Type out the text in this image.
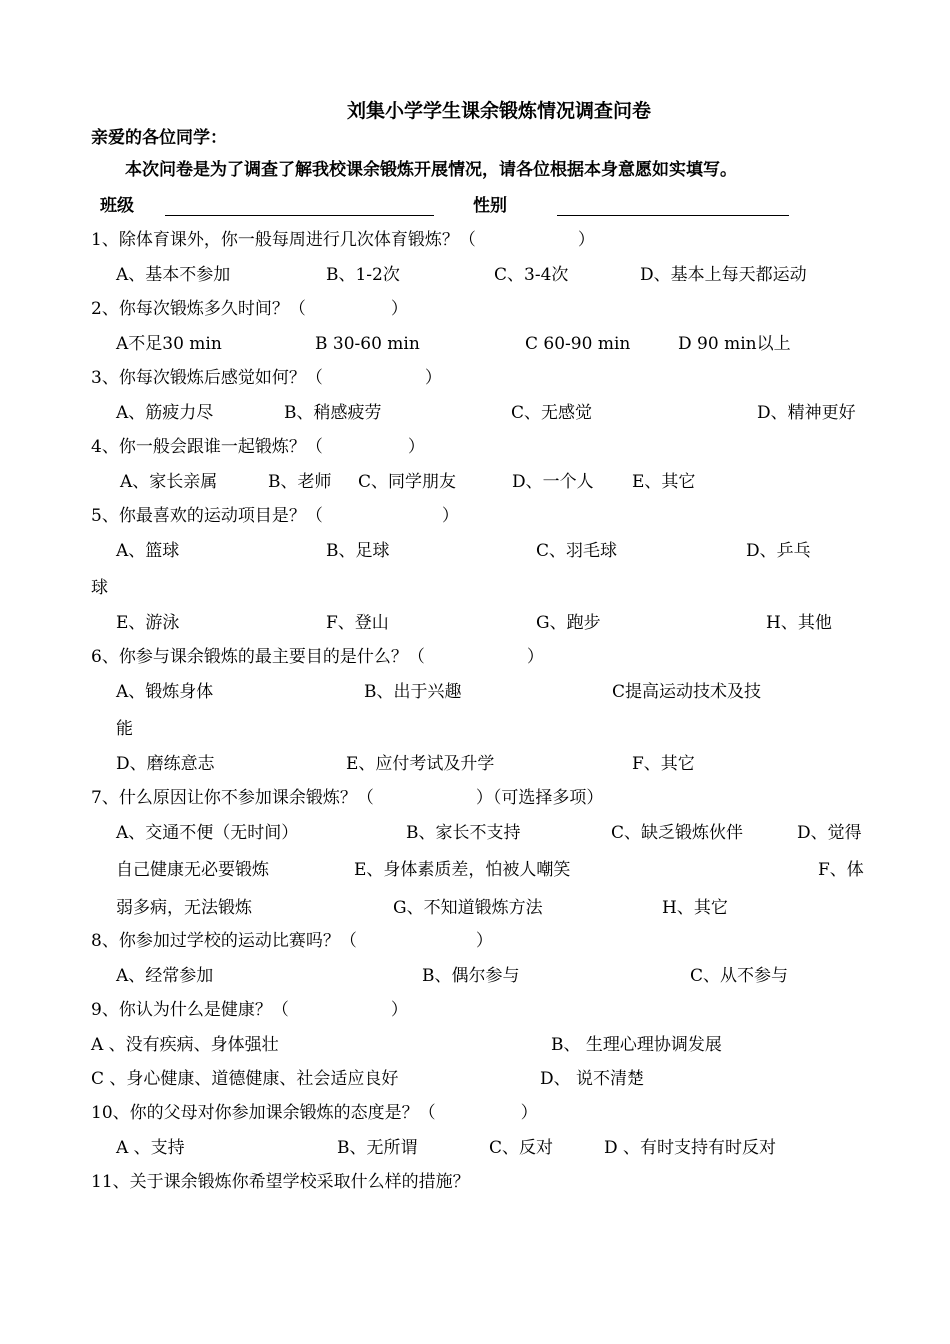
刘集小学学生课余锻炼情况调查问卷
亲爱的各位同学：
本次问卷是为了调查了解我校课余锻炼开展情况，请各位根据本身意愿如实填写。
班级	性别
1、除体育课外，你一般每周进行几次体育锻炼？（　　　　　　）
A、基本不参加	B、1-2次	C、3-4次	D、基本上每天都运动
2、你每次锻炼多久时间？（　　　　　）
A不足30 min	B 30-60 min	C 60-90 min	D 90 min以上
3、你每次锻炼后感觉如何？（　　　　　　）
A、筋疲力尽	B、稍感疲劳	C、无感觉	D、精神更好
4、你一般会跟谁一起锻炼？（　　　　　）
A、家长亲属	B、老师 C、同学朋友	D、一个人 E、其它
5、你最喜欢的运动项目是？（　　　　　　　）
A、篮球	B、足球	C、羽毛球	D、乒乓
球
E、游泳	F、登山	G、跑步	H、其他
6、你参与课余锻炼的最主要目的是什么？（　　　　　　）
A、锻炼身体	B、出于兴趣	C提高运动技术及技
能
D、磨练意志	E、应付考试及升学	F、其它
7、什么原因让你不参加课余锻炼？（　　　　　　）（可选择多项）
A、交通不便（无时间）	B、家长不支持	C、缺乏锻炼伙伴	D、觉得
自己健康无必要锻炼	E、身体素质差，怕被人嘲笑	F、体
弱多病，无法锻炼	G、不知道锻炼方法	H、其它
8、你参加过学校的运动比赛吗？（　　　　　　　）
A、经常参加	B、偶尔参与	C、从不参与
9、你认为什么是健康？（　　　　　　）
A 、没有疾病、身体强壮	B、 生理心理协调发展
C 、身心健康、道德健康、社会适应良好	D、 说不清楚
10、你的父母对你参加课余锻炼的态度是？（　　　　　）
A 、支持	B、无所谓	C、反对	D 、有时支持有时反对
11、关于课余锻炼你希望学校采取什么样的措施？
